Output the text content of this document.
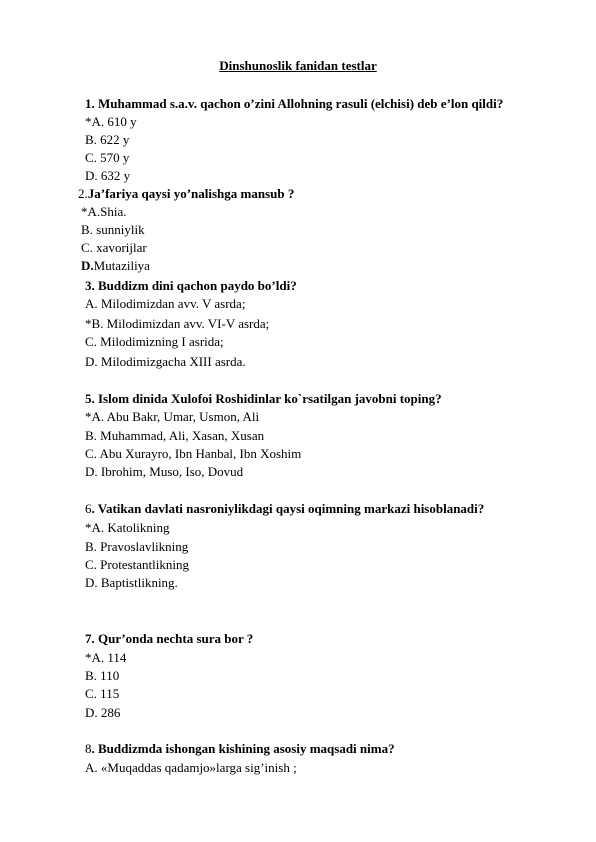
Dinshunoslik fanidan testlar
1. Muhammad s.a.v. qachon o’zini Allohning rasuli (elchisi) deb e’lon qildi?
*A. 610 y
B. 622 y
C. 570 y
D. 632 y
2.Ja’fariya qaysi yo’nalishga mansub ?
*A.Shia.
B. sunniylik
C. xavorijlar
D.Mutaziliya
3. Buddizm dini qachon paydo bo’ldi?
A. Milodimizdan avv. V asrda;
*B. Milodimizdan avv. VI-V asrda;
C. Milodimizning I asrida;
D. Milodimizgacha XIII asrda.
5. Islom dinida Xulofoi Roshidinlar ko`rsatilgan javobni toping?
*A. Abu Bakr, Umar, Usmon, Ali
B. Muhammad, Ali, Xasan, Xusan
C. Abu Xurayro, Ibn Hanbal, Ibn Xoshim
D. Ibrohim, Muso, Iso, Dovud
6. Vatikan davlati nasroniylikdagi qaysi oqimning markazi hisoblanadi?
*A. Katolikning
B. Pravoslavlikning
C. Protestantlikning
D. Baptistlikning.
7. Qur’onda nechta sura bor ?
*A. 114
B. 110
C. 115
D. 286
8. Buddizmda ishongan kishining asosiy maqsadi nima?
A. «Muqaddas qadamjo»larga sig’inish ;
